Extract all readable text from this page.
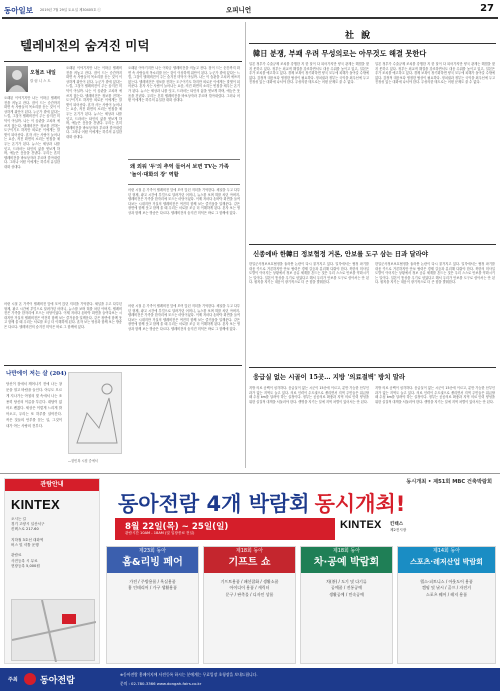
동아일보 2019년 7월 29일 토요일 제30405호 ⓒ	오피니언	27
텔레비전의 숨겨진 미덕
오철조 내일
칼 럼 니 스 트
오래된 이야기지만 나는 이따금 텔레비전을 켜놓고 잔다. 잠이 드는 순간까지 화면 속 사람들의 목소리를 듣는 것이 이상하게 위안이 된다. 누군가 곁에 있다는 느낌, 그것이 텔레비전이 주는 숨겨진 미덕이 아닐까. 나는 이 습관을 고치려 애쓰지 않는다. 텔레비전은 정보를 전하는 도구이기도 하지만 외로운 이에게는 말벗이 되어준다. 혼자 사는 사람이 늘어나는 요즘, 켜진 화면의 소리는 빈집을 채우는 온기가 된다. 뉴스는 세상과 나를 잇고, 드라마는 타인의 삶을 엿보게 하며, 예능은 웃음을 건넨다. 우리는 흔히 텔레비전을 바보상자라 부르며 깎아내렸다. 그러나 어떤 이에게는 하루의 유일한 대화 상대다.
오래된 이야기지만 나는 이따금 텔레비전을 켜놓고 잔다. 잠이 드는 순간까지 화면 속 사람들의 목소리를 듣는 것이 이상하게 위안이 된다. 누군가 곁에 있다는 느낌, 그것이 텔레비전이 주는 숨겨진 미덕이 아닐까. 나는 이 습관을 고치려 애쓰지 않는다. 텔레비전은 정보를 전하는 도구이기도 하지만 외로운 이에게는 말벗이 되어준다. 혼자 사는 사람이 늘어나는 요즘, 켜진 화면의 소리는 빈집을 채우는 온기가 된다. 뉴스는 세상과 나를 잇고, 드라마는 타인의 삶을 엿보게 하며, 예능은 웃음을 건넨다. 우리는 흔히 텔레비전을 바보상자라 부르며 깎아내렸다. 그러나 어떤 이에게는 하루의 유일한 대화 상대다.
오래된 이야기지만 나는 이따금 텔레비전을 켜놓고 잔다. 잠이 드는 순간까지 화면 속 사람들의 목소리를 듣는 것이 이상하게 위안이 된다. 누군가 곁에 있다는 느낌, 그것이 텔레비전이 주는 숨겨진 미덕이 아닐까. 나는 이 습관을 고치려 애쓰지 않는다. 텔레비전은 정보를 전하는 도구이기도 하지만 외로운 이에게는 말벗이 되어준다. 혼자 사는 사람이 늘어나는 요즘, 켜진 화면의 소리는 빈집을 채우는 온기가 된다. 뉴스는 세상과 나를 잇고, 드라마는 타인의 삶을 엿보게 하며, 예능은 웃음을 건넨다. 우리는 흔히 텔레비전을 바보상자라 부르며 깎아내렸다. 그러나 어떤 이에게는 하루의 유일한 대화 상대다.
왜 외워 '두'의 추억 들어서 보면 TV는 가족 '놀이·대화의 장' 역할
어린 시절 온 가족이 텔레비전 앞에 모여 앉던 저녁을 기억한다. 채널을 두고 다투던 형제, 광고 시간에 부엌으로 달려가던 어머니, 뉴스를 보며 혀를 차던 아버지. 텔레비전은 가족을 한자리에 모으는 마당이었다. 이제 저마다 손바닥 화면을 들여다보는 시대지만 거실의 텔레비전은 여전히 함께 보는 즐거움을 일깨운다. 같은 장면에 함께 웃고 함께 울 때 우리는 서로를 조금 더 이해하게 된다. 혼자 보는 영상과 함께 보는 방송은 다르다. 텔레비전의 숨겨진 미덕은 바로 그 함께에 있다.
어린 시절 온 가족이 텔레비전 앞에 모여 앉던 저녁을 기억한다. 채널을 두고 다투던 형제, 광고 시간에 부엌으로 달려가던 어머니, 뉴스를 보며 혀를 차던 아버지. 텔레비전은 가족을 한자리에 모으는 마당이었다. 이제 저마다 손바닥 화면을 들여다보는 시대지만 거실의 텔레비전은 여전히 함께 보는 즐거움을 일깨운다. 같은 장면에 함께 웃고 함께 울 때 우리는 서로를 조금 더 이해하게 된다. 혼자 보는 영상과 함께 보는 방송은 다르다. 텔레비전의 숨겨진 미덕은 바로 그 함께에 있다.
나만에이 저는 살 (204)
당신이 잠에서 깨어나기 전에 나는 창문을 열고 바람을 들인다. 아무도 모르게 지나가는 아침의 빛 속에서 나는 조용히 당신의 이름을 부른다. 대답이 없어도 괜찮다. 세상은 이렇게 느리게 밝아오고, 우리는 또 하루를 살아간다. 작은 것들의 안부를 묻는 일, 그것이 내가 아는 사랑의 전부다.
―함민복 시집 중에서
어린 시절 온 가족이 텔레비전 앞에 모여 앉던 저녁을 기억한다. 채널을 두고 다투던 형제, 광고 시간에 부엌으로 달려가던 어머니, 뉴스를 보며 혀를 차던 아버지. 텔레비전은 가족을 한자리에 모으는 마당이었다. 이제 저마다 손바닥 화면을 들여다보는 시대지만 거실의 텔레비전은 여전히 함께 보는 즐거움을 일깨운다. 같은 장면에 함께 웃고 함께 울 때 우리는 서로를 조금 더 이해하게 된다. 혼자 보는 영상과 함께 보는 방송은 다르다. 텔레비전의 숨겨진 미덕은 바로 그 함께에 있다.
社 說
韓日 분쟁, 부패 우려 무성의로는 아무것도 해결 못한다
일본 정부가 수출규제 조치를 강행한 지 한 달이 다 되어가지만 양국 관계는 해법을 찾지 못하고 있다. 정부는 외교적 해결을 강조하면서도 대응 수위를 높이고 있고, 일본은 추가 조치를 예고하고 있다. 경제 보복이 장기화하면 양국 모두에 피해가 돌아갈 수밖에 없다. 감정적 대응보다 냉정한 협상이 필요하다. 정치권과 정부는 국익을 최우선에 두고 진정성 있는 대화에 나서야 한다. 무성의한 태도로는 어떤 문제도 풀 수 없다.
일본 정부가 수출규제 조치를 강행한 지 한 달이 다 되어가지만 양국 관계는 해법을 찾지 못하고 있다. 정부는 외교적 해결을 강조하면서도 대응 수위를 높이고 있고, 일본은 추가 조치를 예고하고 있다. 경제 보복이 장기화하면 양국 모두에 피해가 돌아갈 수밖에 없다. 감정적 대응보다 냉정한 협상이 필요하다. 정치권과 정부는 국익을 최우선에 두고 진정성 있는 대화에 나서야 한다. 무성의한 태도로는 어떤 문제도 풀 수 없다.
신종에바 한韓日 정보협정 거론, 안보를 도구 삼는 日과 달라야
한일군사정보보호협정을 둘러싼 논란이 다시 불거지고 있다. 일각에서는 협정 파기를 대응 카드로 거론하지만 안보 협력은 경제 갈등과 분리해 다뤄야 한다. 북한의 미사일 도발이 이어지는 상황에서 정보 공유 체계를 흔드는 것은 우리 스스로 안보를 약화시키는 일이다. 일본이 통상을 무기로 삼았다고 해서 우리가 안보를 도구로 삼아서는 안 된다. 원칙을 지키는 대응이 장기적으로 더 큰 힘을 발휘한다.
한일군사정보보호협정을 둘러싼 논란이 다시 불거지고 있다. 일각에서는 협정 파기를 대응 카드로 거론하지만 안보 협력은 경제 갈등과 분리해 다뤄야 한다. 북한의 미사일 도발이 이어지는 상황에서 정보 공유 체계를 흔드는 것은 우리 스스로 안보를 약화시키는 일이다. 일본이 통상을 무기로 삼았다고 해서 우리가 안보를 도구로 삼아서는 안 된다. 원칙을 지키는 대응이 장기적으로 더 큰 힘을 발휘한다.
웅급실 없는 시골이 15곳… 지방 '의료절벽' 방치 말라
지방 의료 공백이 심각하다. 응급실이 없는 시군이 15곳에 이르고, 분만 가능한 산부인과가 없는 지역도 늘고 있다. 의료 인력이 수도권으로 쏠리면서 지역 주민들은 위급할 때 수십 km를 달려야 하는 실정이다. 정부는 공공의료 확충과 지역 의료 인력 양성을 위한 실질적 대책을 서둘러야 한다. 생명을 지키는 일에 지역 차별이 있어서는 안 된다.
지방 의료 공백이 심각하다. 응급실이 없는 시군이 15곳에 이르고, 분만 가능한 산부인과가 없는 지역도 늘고 있다. 의료 인력이 수도권으로 쏠리면서 지역 주민들은 위급할 때 수십 km를 달려야 하는 실정이다. 정부는 공공의료 확충과 지역 의료 인력 양성을 위한 실질적 대책을 서둘러야 한다. 생명을 지키는 일에 지역 차별이 있어서는 안 된다.
동시개최 • 제51회 MBC 건축박람회
동아전람 4개 박람회 동시개최!
8월 22일(목) ~ 25일(일)
관람시간 10AM - 18AM (및 입장종료 전일)
KINTEX 킨텍스
제2전시장
관람안내
KINTEX
오시는 길
경기 고양시 일산서구
킨텍스로 217-60

지하철 3호선 대화역
버스 및 셔틀 운행

관람료
사전등록 시 무료
현장등록 5,000원
제23회 동아
홈&리빙 페어
가전 / 주방용품 / 욕실용품
홈 인테리어 / 가구 생활용품
제18회 동아
기프트 쇼
기프트용품 / 패션잡화 / 생활소품
아이디어 용품 / 캐릭터
문구 / 판촉물 / 디자인 상품
제18회 동아
차·공예 박람회
차(茶) / 도기 및 다기류
공예품 / 전통공예
생활공예 / 민속공예
제14회 동아
스포츠·레저산업 박람회
헬스·피트니스 / 아웃도어 용품
캠핑 및 낚시 / 골프 / 자전거
스포츠 웨어 / 레저 용품
주최 동아전람
※동아전람 홈페이지에 사전등록 하시는 분에게는 무료입장 초청장을 보내드립니다.
문의 : 02-780-3366 www.dongah-fairs.co.kr
